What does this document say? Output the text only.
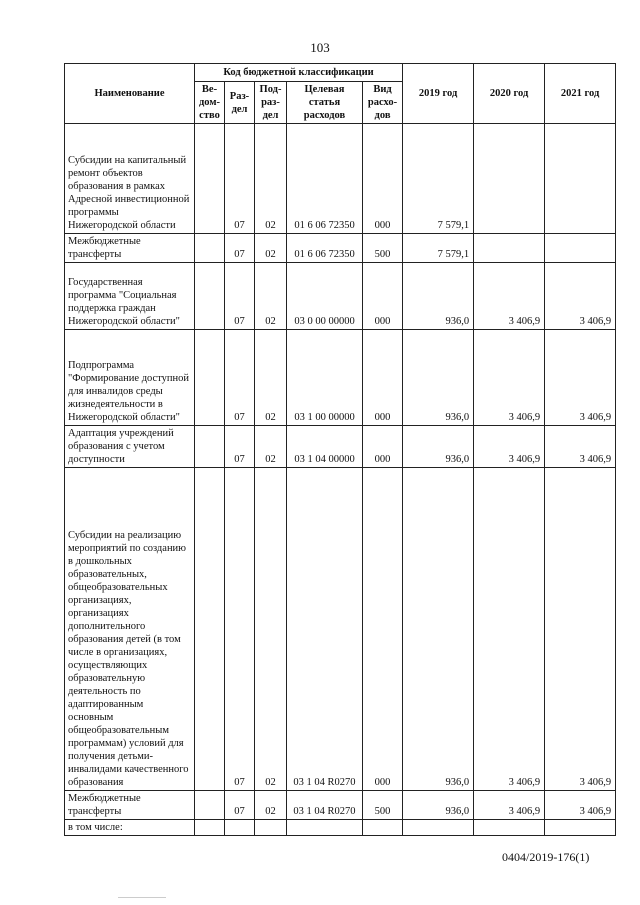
103
Наименование	Код бюджетной классификации					2019 год	2020 год	2021 год
	Ве-дом-ство	Раз-дел	Под-раз-дел	Целевая статья расходов	Вид расхо-дов			
Субсидии на капитальный ремонт объектов образования в рамках Адресной инвестиционной программы Нижегородской области		07	02	01 6 06 72350	000	7 579,1		
Межбюджетные трансферты		07	02	01 6 06 72350	500	7 579,1		
Государственная программа "Социальная поддержка граждан Нижегородской области"		07	02	03 0 00 00000	000	936,0	3 406,9	3 406,9
Подпрограмма "Формирование доступной для инвалидов среды жизнедеятельности в Нижегородской области"		07	02	03 1 00 00000	000	936,0	3 406,9	3 406,9
Адаптация учреждений образования с учетом доступности		07	02	03 1 04 00000	000	936,0	3 406,9	3 406,9
Субсидии на реализацию мероприятий по созданию в дошкольных образовательных, общеобразовательных организациях, организациях дополнительного образования детей (в том числе в организациях, осуществляющих образовательную деятельность по адаптированным основным общеобразовательным программам) условий для получения детьми-инвалидами качественного образования		07	02	03 1 04 R0270	000	936,0	3 406,9	3 406,9
Межбюджетные трансферты		07	02	03 1 04 R0270	500	936,0	3 406,9	3 406,9
в том числе:								
0404/2019-176(1)
